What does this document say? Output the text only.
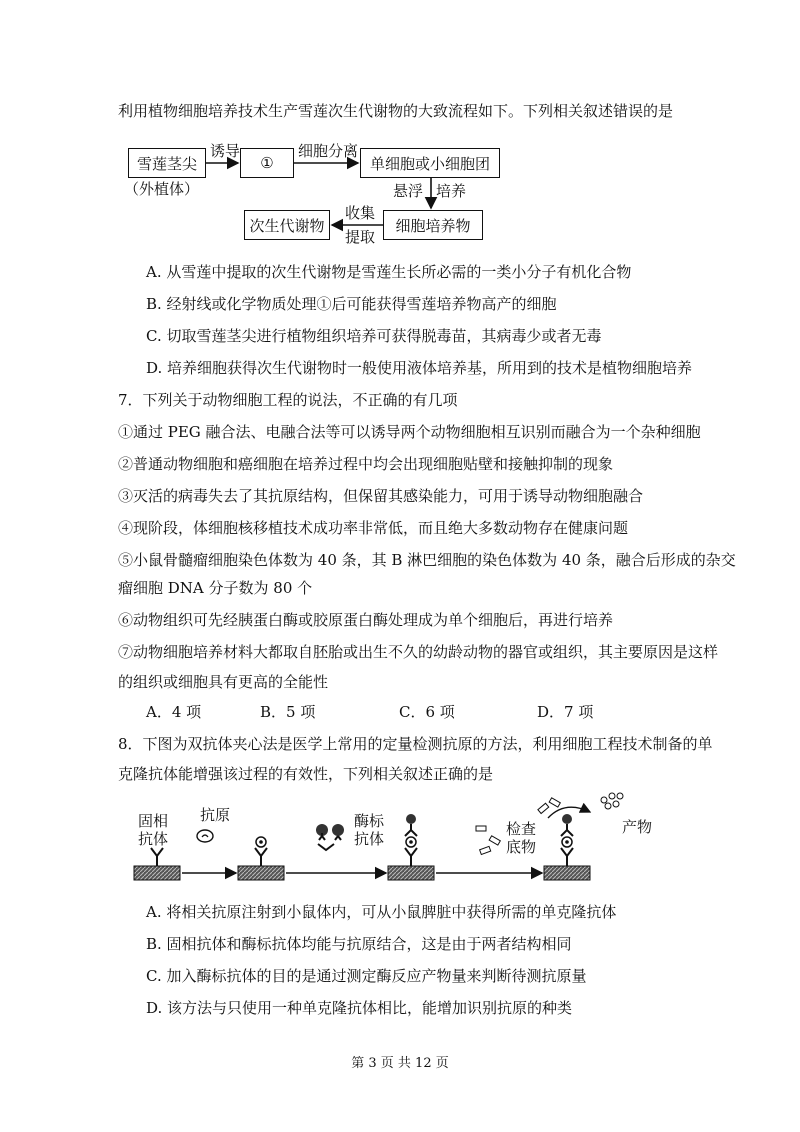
利用植物细胞培养技术生产雪莲次生代谢物的大致流程如下。下列相关叙述错误的是
雪莲茎尖
（外植体）
诱导
①
细胞分离
单细胞或小细胞团
悬浮 培养
细胞培养物
收集
提取
次生代谢物
A. 从雪莲中提取的次生代谢物是雪莲生长所必需的一类小分子有机化合物
B. 经射线或化学物质处理①后可能获得雪莲培养物高产的细胞
C. 切取雪莲茎尖进行植物组织培养可获得脱毒苗，其病毒少或者无毒
D. 培养细胞获得次生代谢物时一般使用液体培养基，所用到的技术是植物细胞培养
7．下列关于动物细胞工程的说法，不正确的有几项
①通过 PEG 融合法、电融合法等可以诱导两个动物细胞相互识别而融合为一个杂种细胞
②普通动物细胞和癌细胞在培养过程中均会出现细胞贴壁和接触抑制的现象
③灭活的病毒失去了其抗原结构，但保留其感染能力，可用于诱导动物细胞融合
④现阶段，体细胞核移植技术成功率非常低，而且绝大多数动物存在健康问题
⑤小鼠骨髓瘤细胞染色体数为 40 条，其 B 淋巴细胞的染色体数为 40 条，融合后形成的杂交
瘤细胞 DNA 分子数为 80 个
⑥动物组织可先经胰蛋白酶或胶原蛋白酶处理成为单个细胞后，再进行培养
⑦动物细胞培养材料大都取自胚胎或出生不久的幼龄动物的器官或组织，其主要原因是这样
的组织或细胞具有更高的全能性
A．4 项	B．5 项	C．6 项	D．7 项
8．下图为双抗体夹心法是医学上常用的定量检测抗原的方法，利用细胞工程技术制备的单
克隆抗体能增强该过程的有效性，下列相关叙述正确的是
固相
抗体
抗原	酶标
抗体
检查
底物
产物
A. 将相关抗原注射到小鼠体内，可从小鼠脾脏中获得所需的单克隆抗体
B. 固相抗体和酶标抗体均能与抗原结合，这是由于两者结构相同
C. 加入酶标抗体的目的是通过测定酶反应产物量来判断待测抗原量
D. 该方法与只使用一种单克隆抗体相比，能增加识别抗原的种类
第 3 页 共 12 页
